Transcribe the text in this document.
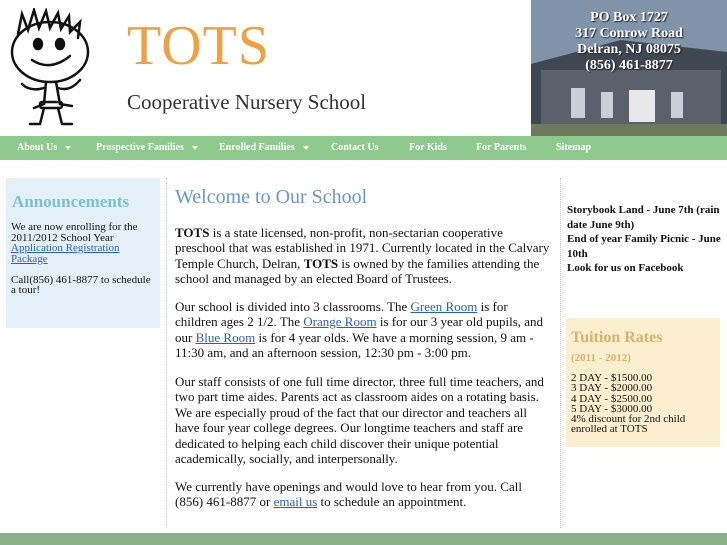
TOTS
Cooperative Nursery School
PO Box 1727
317 Conrow Road
Delran, NJ 08075
(856) 461-8877
About Us	Prospective Families	Enrolled Families	Contact Us	For Kids	For Parents	Sitemap
Announcements
We are now enrolling for the 2011/2012 School Year
Application Registration Package

Call(856) 461-8877 to schedule a tour!
Welcome to Our School

TOTS is a state licensed, non-profit, non-sectarian cooperative preschool that was established in 1971. Currently located in the Calvary Temple Church, Delran, TOTS is owned by the families attending the school and managed by an elected Board of Trustees.

Our school is divided into 3 classrooms. The Green Room is for children ages 2 1/2. The Orange Room is for our 3 year old pupils, and our Blue Room is for 4 year olds. We have a morning session, 9 am - 11:30 am, and an afternoon session, 12:30 pm - 3:00 pm.

Our staff consists of one full time director, three full time teachers, and two part time aides. Parents act as classroom aides on a rotating basis. We are especially proud of the fact that our director and teachers all have four year college degrees. Our longtime teachers and staff are dedicated to helping each child discover their unique potential academically, socially, and interpersonally.

We currently have openings and would love to hear from you. Call (856) 461-8877 or email us to schedule an appointment.

Storybook Land - June 7th (rain date June 9th)
End of year Family Picnic - June 10th
Look for us on Facebook
Tuition Rates
(2011 - 2012)
2 DAY - $1500.00
3 DAY - $2000.00
4 DAY - $2500.00
5 DAY - $3000.00
4% discount for 2nd child enrolled at TOTS
